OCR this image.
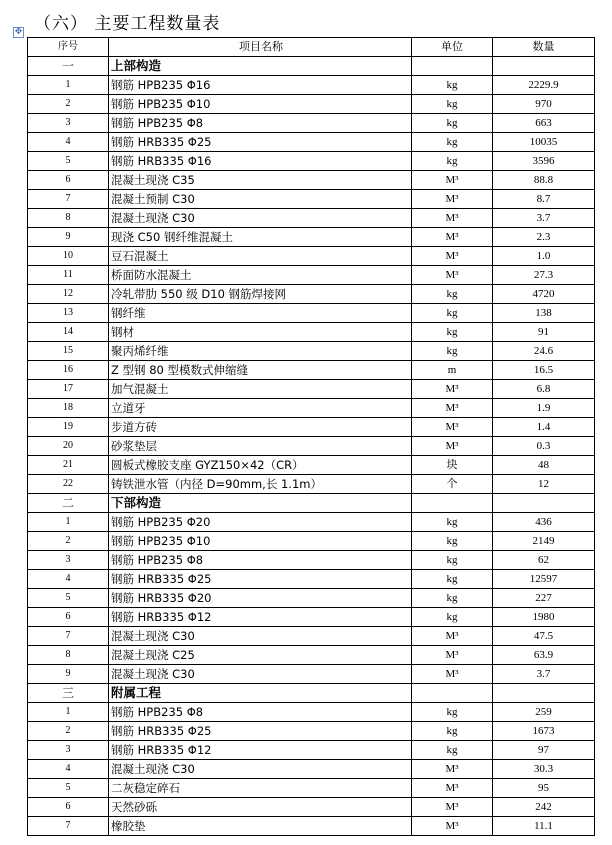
（六） 主要工程数量表
✥
序号	项目名称	单位	数量
一	上部构造		
1	钢筋 HPB235 Φ16	kg	2229.9
2	钢筋 HPB235 Φ10	kg	970
3	钢筋 HPB235 Φ8	kg	663
4	钢筋 HRB335 Φ25	kg	10035
5	钢筋 HRB335 Φ16	kg	3596
6	混凝土现浇 C35	M³	88.8
7	混凝土预制 C30	M³	8.7
8	混凝土现浇 C30	M³	3.7
9	现浇 C50 钢纤维混凝土	M³	2.3
10	豆石混凝土	M³	1.0
11	桥面防水混凝土	M³	27.3
12	冷轧带肋 550 级 D10 钢筋焊接网	kg	4720
13	钢纤维	kg	138
14	钢材	kg	91
15	聚丙烯纤维	kg	24.6
16	Z 型钢 80 型模数式伸缩缝	m	16.5
17	加气混凝土	M³	6.8
18	立道牙	M³	1.9
19	步道方砖	M³	1.4
20	砂浆垫层	M³	0.3
21	圆板式橡胶支座 GYZ150×42（CR）	块	48
22	铸铁泄水管（内径 D=90mm,长 1.1m）	个	12
二	下部构造		
1	钢筋 HPB235 Φ20	kg	436
2	钢筋 HPB235 Φ10	kg	2149
3	钢筋 HPB235 Φ8	kg	62
4	钢筋 HRB335 Φ25	kg	12597
5	钢筋 HRB335 Φ20	kg	227
6	钢筋 HRB335 Φ12	kg	1980
7	混凝土现浇 C30	M³	47.5
8	混凝土现浇 C25	M³	63.9
9	混凝土现浇 C30	M³	3.7
三	附属工程		
1	钢筋 HPB235 Φ8	kg	259
2	钢筋 HRB335 Φ25	kg	1673
3	钢筋 HRB335 Φ12	kg	97
4	混凝土现浇 C30	M³	30.3
5	二灰稳定碎石	M³	95
6	天然砂砾	M³	242
7	橡胶垫	M³	11.1
